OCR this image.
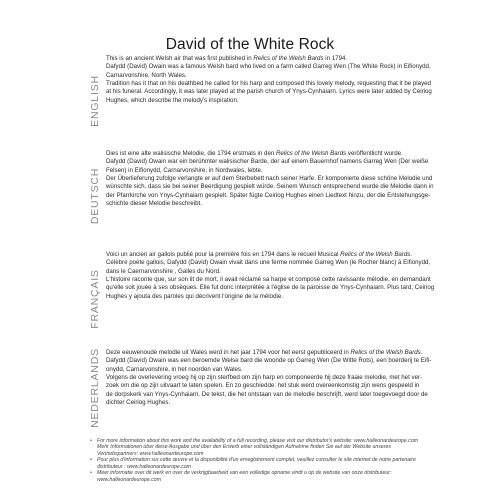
David of the White Rock
ENGLISH

This is an ancient Welsh air that was first published in Relics of the Welsh Bards in 1794.

Dafydd (David) Owain was a famous Welsh bard who lived on a farm called Garreg Wen (The White Rock) in Eifionydd,

Carnarvonshire, North Wales.

Tradition has it that on his deathbed he called for his harp and composed this lovely melody, requesting that it be played

at his funeral. Accordingly, it was later played at the parish church of Ynys-Cynhaiarn. Lyrics were later added by Ceiriog

Hughes, which describe the melody's inspiration.

DEUTSCH

Dies ist eine alte walisische Melodie, die 1794 erstmals in den Relics of the Welsh Bards veröffentlicht wurde.

Dafydd (David) Owain war ein berühmter walisischer Barde, der auf einem Bauernhof namens Garreg Wen (Der weiße

Felsen) in Eifionydd, Carnarvonshire, in Nordwales, lebte.

Der Überlieferung zufolge verlangte er auf dem Sterbebett nach seiner Harfe. Er komponierte diese schöne Melodie und

wünschte sich, dass sie bei seiner Beerdigung gespielt würde. Seinem Wunsch entsprechend wurde die Melodie dann in

der Pfarrkirche von Ynys-Cynhaiarn gespielt. Später fügte Ceiriog Hughes einen Liedtext hinzu, der die Entstehungsge-

schichte dieser Melodie beschreibt.

FRANÇAIS

Voici un ancien air gallois publié pour la première fois en 1794 dans le recueil Musical Relics of the Welsh Bards.

Célèbre poète gallois, Dafydd (David) Owain vivait dans une ferme nommée Garreg Wen (le Rocher blanc) à Eifionydd,

dans le Caernarvonshire , Galles du Nord.

L'histoire raconte que, sur son lit de mort, il avait réclamé sa harpe et composé cette ravissante mélodie, en demandant

qu'elle soit jouée à ses obsèques. Elle fut donc interprétée à l'église de la paroisse de Ynys-Cynhaiarn. Plus tard, Ceiriog

Hughes y ajouta des paroles qui décrivent l'origine de la mélodie.

NEDERLANDS Deze eeuwenoude melodie uit Wales werd in het jaar 1794 voor het eerst gepubliceerd in Relics of the Welsh Bards.

Dafydd (David) Owain was een beroemde Welse bard die woonde op Garreg Wen (De Witte Rots), een boerderij te Eifi-

onydd, Carnarvonshire, in het noorden van Wales.

Volgens de overlevering vroeg hij op zijn sterfbed om zijn harp en componeerde hij deze fraaie melodie, met het ver-

zoek om die op zijn uitvaart te laten spelen. En zo geschiedde: het stuk werd overeenkomstig zijn wens gespeeld in

de dorpskerk van Ynys-Cynhaiarn. De tekst, die het ontstaan van de melodie beschrijft, werd later toegevoegd door de

dichter Ceiriog Hughes.

• For more information about this work and the availability of a full recording, please visit our distributor's website: www.halleonardeurope.com
Mehr Informationen über diese Ausgabe und über den Erwerb einer vollständigen Aufnahme finden Sie auf der Website unseres
Vertriebspartners: www.halleonardeurope.com
• Pour plus d'information sur cette œuvre et la disponibilité d'un enregistrement complet, veuillez consulter le site internet de notre partenaire
distributeur : www.halleonardeurope.com
• Meer informatie over dit werk en over de verkrijgbaarheid van een volledige opname vindt u op de website van onze distributeur:
www.halleonardeurope.com
